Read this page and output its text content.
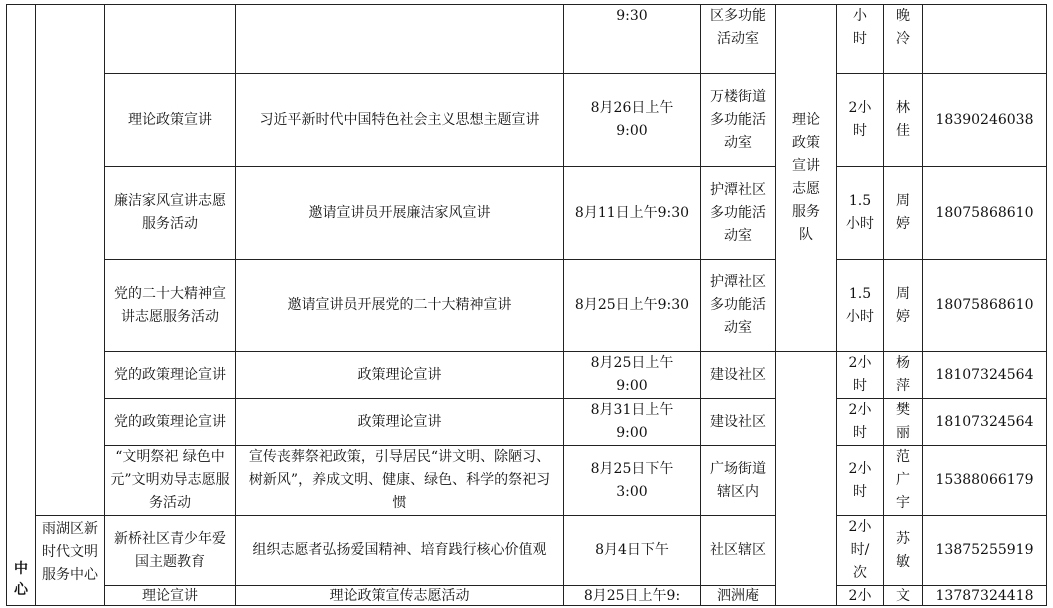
中心				9:30	区多功能活动室	理论政策宣讲志愿服务队	小时	晚冷	

		理论政策宣讲	习近平新时代中国特色社会主义思想主题宣讲	8月26日上午9:00	万楼街道多功能活动室		2小时	林佳	18390246038

		廉洁家风宣讲志愿服务活动	邀请宣讲员开展廉洁家风宣讲	8月11日上午9:30	护潭社区多功能活动室		1.5小时	周婷	18075868610

		党的二十大精神宣讲志愿服务活动	邀请宣讲员开展党的二十大精神宣讲	8月25日上午9:30	护潭社区多功能活动室		1.5小时	周婷	18075868610

		党的政策理论宣讲	政策理论宣讲	8月25日上午9:00	建设社区		2小时	杨萍	18107324564

		党的政策理论宣讲	政策理论宣讲	8月31日上午9:00	建设社区		2小时	樊丽	18107324564

		“文明祭祀 绿色中元”文明劝导志愿服务活动	宣传丧葬祭祀政策，引导居民“讲文明、除陋习、树新风”，养成文明、健康、绿色、科学的祭祀习惯	8月25日下午3:00	广场街道辖区内		2小时	范广宇	15388066179

	雨湖区新时代文明服务中心	新桥社区青少年爱国主题教育	组织志愿者弘扬爱国精神、培育践行核心价值观	8月4日下午	社区辖区		2小时/次	苏敏	13875255919
		理论宣讲	理论政策宣传志愿活动	8月25日上午9:	泗洲庵		2小	文	13787324418
